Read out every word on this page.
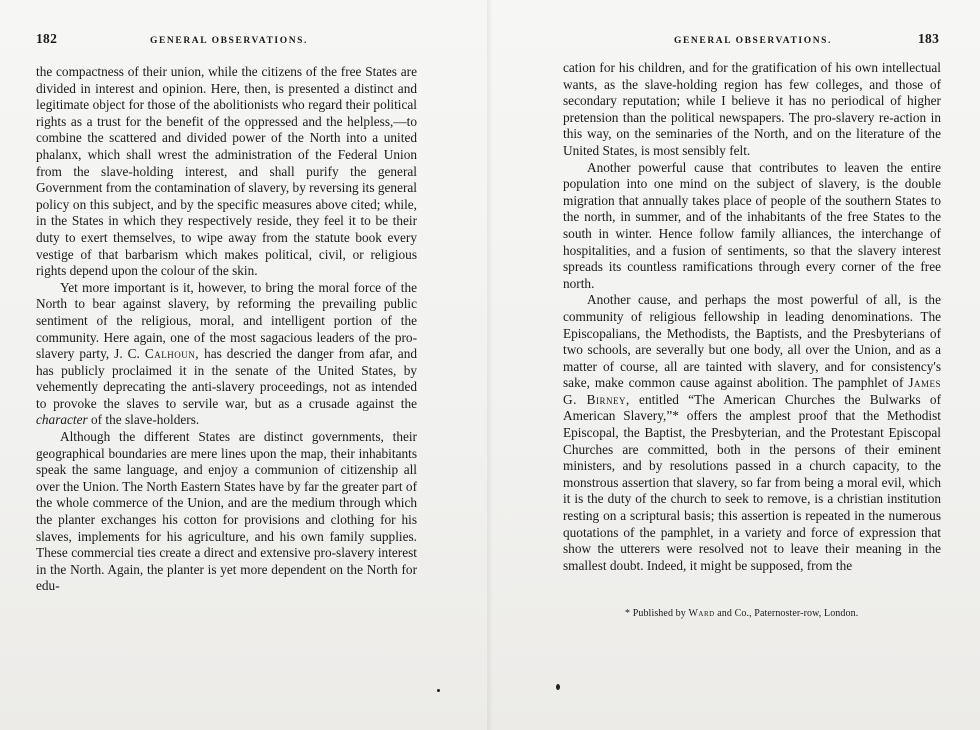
182	GENERAL OBSERVATIONS.

the compactness of their union, while the citizens of the free States are divided in interest and opinion. Here, then, is presented a distinct and legitimate object for those of the abolitionists who regard their political rights as a trust for the benefit of the oppressed and the helpless,—to combine the scattered and divided power of the North into a united phalanx, which shall wrest the administration of the Federal Union from the slave-holding interest, and shall purify the general Government from the contamination of slavery, by reversing its general policy on this subject, and by the specific measures above cited; while, in the States in which they respectively reside, they feel it to be their duty to exert themselves, to wipe away from the statute book every vestige of that barbarism which makes political, civil, or religious rights depend upon the colour of the skin.

Yet more important is it, however, to bring the moral force of the North to bear against slavery, by reforming the prevailing public sentiment of the religious, moral, and intelligent portion of the community. Here again, one of the most sagacious leaders of the pro-slavery party, J. C. Calhoun, has descried the danger from afar, and has publicly proclaimed it in the senate of the United States, by vehemently deprecating the anti-slavery proceedings, not as intended to provoke the slaves to servile war, but as a crusade against the character of the slave-holders.

Although the different States are distinct governments, their geographical boundaries are mere lines upon the map, their inhabitants speak the same language, and enjoy a communion of citizenship all over the Union. The North Eastern States have by far the greater part of the whole commerce of the Union, and are the medium through which the planter exchanges his cotton for provisions and clothing for his slaves, implements for his agriculture, and his own family supplies. These commercial ties create a direct and extensive pro-slavery interest in the North. Again, the planter is yet more dependent on the North for edu-

GENERAL OBSERVATIONS.	183

cation for his children, and for the gratification of his own intellectual wants, as the slave-holding region has few colleges, and those of secondary reputation; while I believe it has no periodical of higher pretension than the political newspapers. The pro-slavery re-action in this way, on the seminaries of the North, and on the literature of the United States, is most sensibly felt.

Another powerful cause that contributes to leaven the entire population into one mind on the subject of slavery, is the double migration that annually takes place of people of the southern States to the north, in summer, and of the inhabitants of the free States to the south in winter. Hence follow family alliances, the interchange of hospitalities, and a fusion of sentiments, so that the slavery interest spreads its countless ramifications through every corner of the free north.

Another cause, and perhaps the most powerful of all, is the community of religious fellowship in leading denominations. The Episcopalians, the Methodists, the Baptists, and the Presbyterians of two schools, are severally but one body, all over the Union, and as a matter of course, all are tainted with slavery, and for consistency's sake, make common cause against abolition. The pamphlet of James G. Birney, entitled “The American Churches the Bulwarks of American Slavery,”* offers the amplest proof that the Methodist Episcopal, the Baptist, the Presbyterian, and the Protestant Episcopal Churches are committed, both in the persons of their eminent ministers, and by resolutions passed in a church capacity, to the monstrous assertion that slavery, so far from being a moral evil, which it is the duty of the church to seek to remove, is a christian institution resting on a scriptural basis; this assertion is repeated in the numerous quotations of the pamphlet, in a variety and force of expression that show the utterers were resolved not to leave their meaning in the smallest doubt. Indeed, it might be supposed, from the

* Published by Ward and Co., Paternoster-row, London.
